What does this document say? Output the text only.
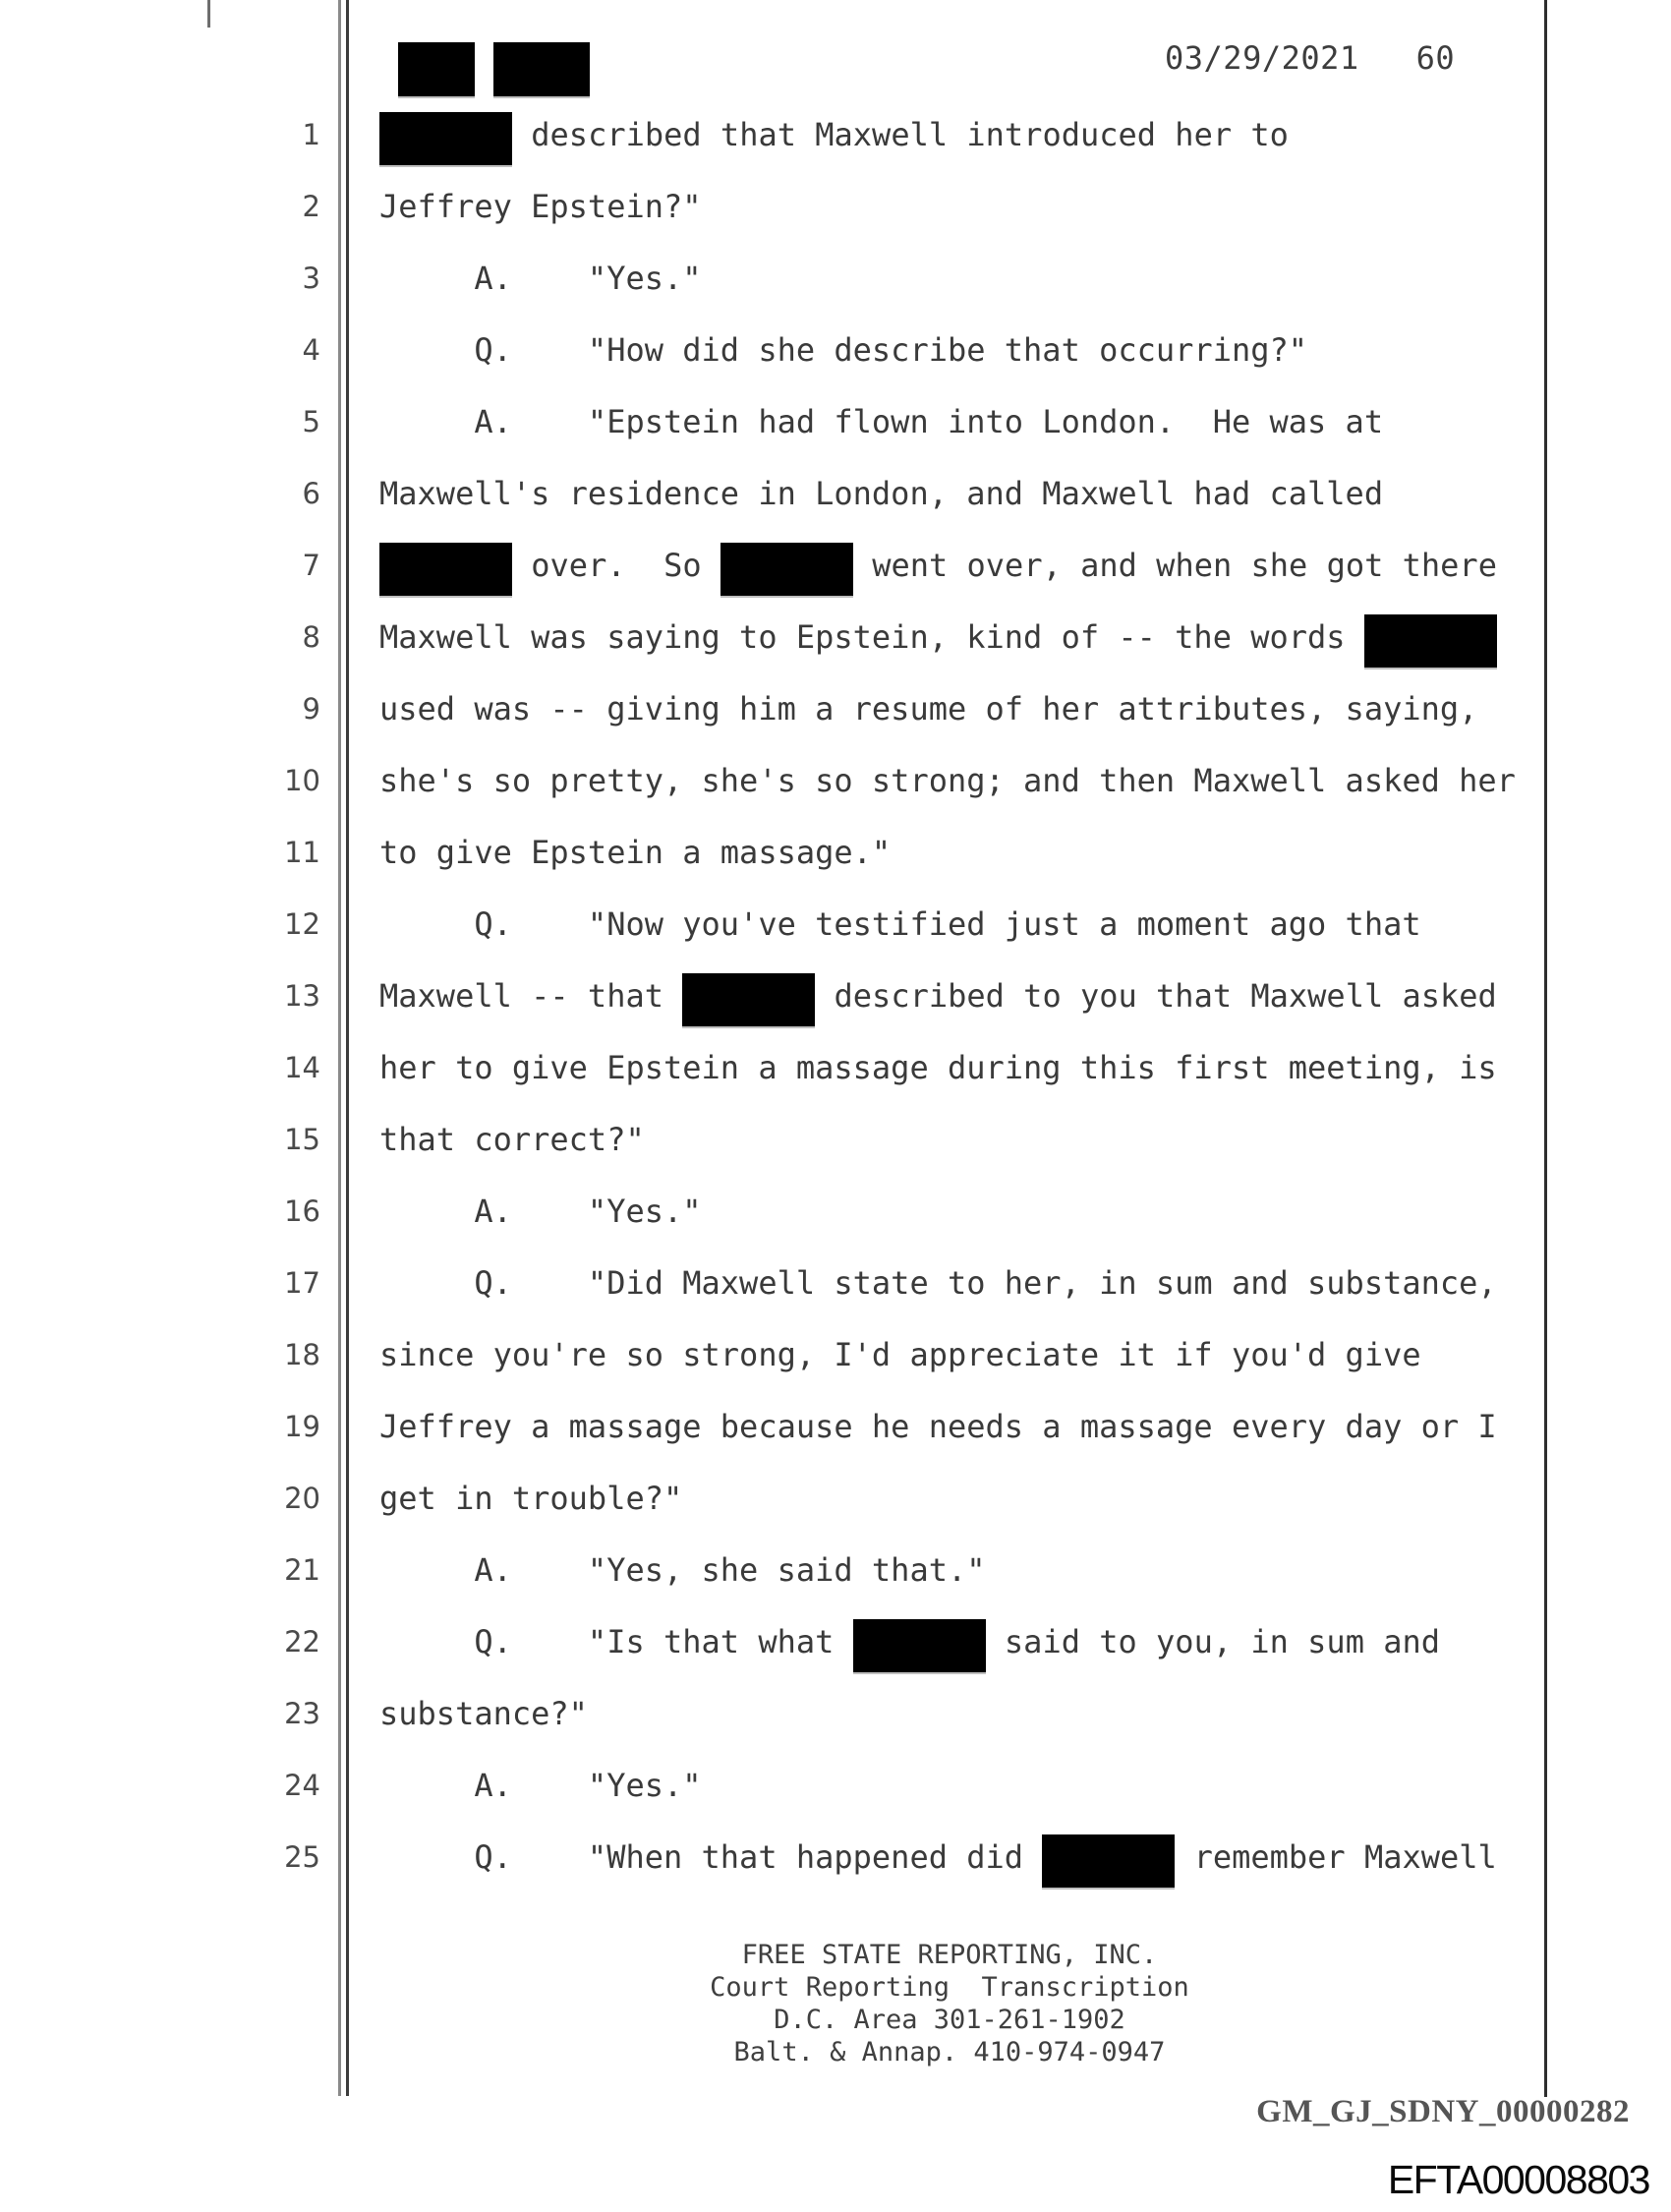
03/29/2021 60
1	described that Maxwell introduced her to
2 Jeffrey Epstein?"
3 A.    "Yes."
4 Q.    "How did she describe that occurring?"
5 A.    "Epstein had flown into London.  He was at
6 Maxwell's residence in London, and Maxwell had called
7	over.  So	went over, and when she got there
8 Maxwell was saying to Epstein, kind of -- the words
9 used was -- giving him a resume of her attributes, saying,
10 she's so pretty, she's so strong; and then Maxwell asked her
11 to give Epstein a massage."
12 Q.    "Now you've testified just a moment ago that
13 Maxwell -- that	described to you that Maxwell asked
14 her to give Epstein a massage during this first meeting, is
15 that correct?"
16 A.    "Yes."
17 Q.    "Did Maxwell state to her, in sum and substance,
18 since you're so strong, I'd appreciate it if you'd give
19 Jeffrey a massage because he needs a massage every day or I
20 get in trouble?"
21 A.    "Yes, she said that."
22 Q.    "Is that what	said to you, in sum and
23 substance?"
24 A.    "Yes."
25 Q.    "When that happened did	remember Maxwell
FREE STATE REPORTING, INC.
Court Reporting  Transcription
D.C. Area 301-261-1902
Balt. & Annap. 410-974-0947
GM_GJ_SDNY_00000282
EFTA00008803
